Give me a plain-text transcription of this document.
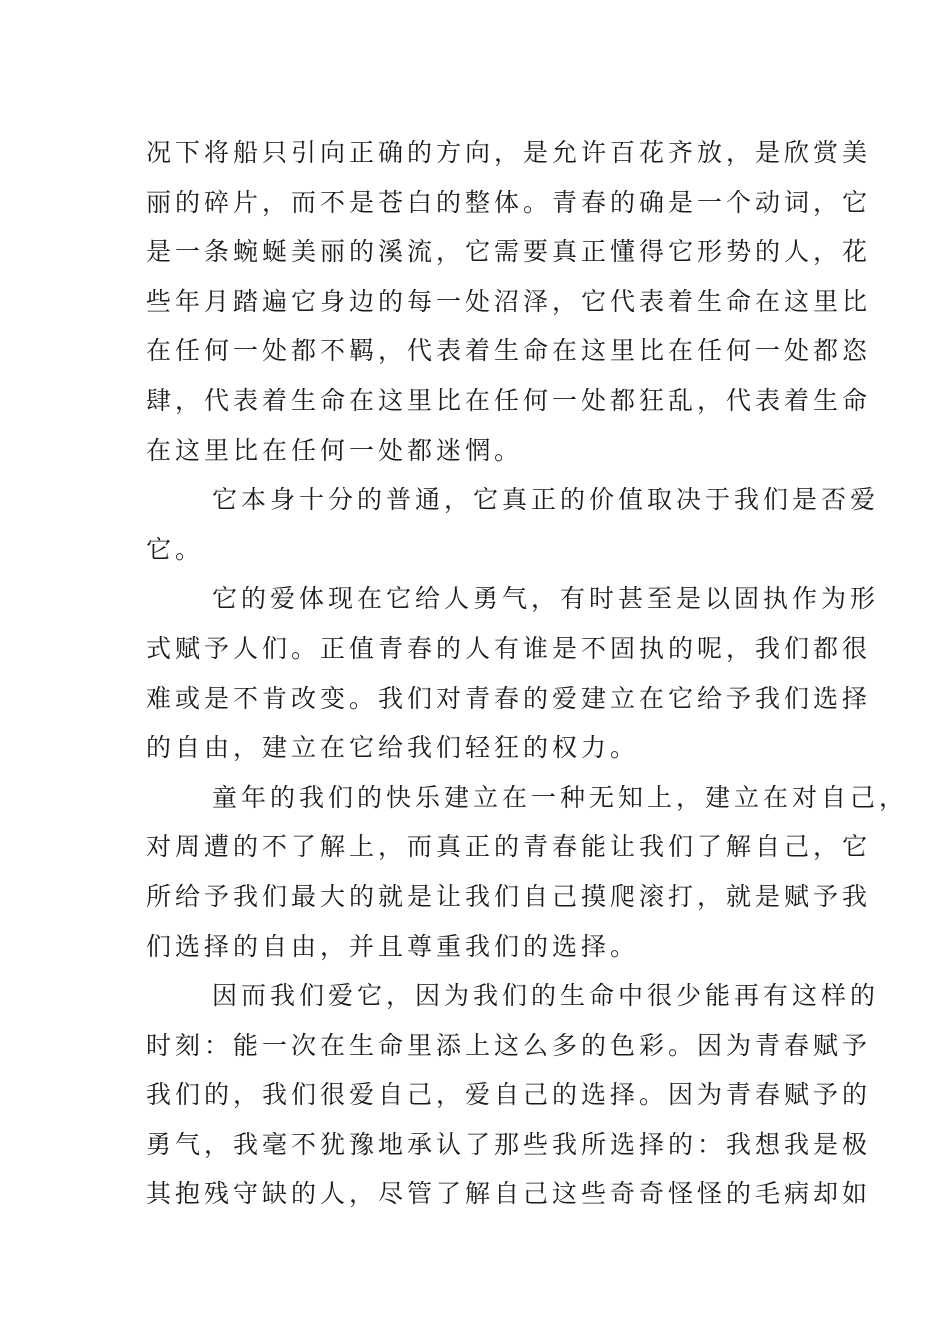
况下将船只引向正确的方向，是允许百花齐放，是欣赏美
丽的碎片，而不是苍白的整体。青春的确是一个动词，它
是一条蜿蜒美丽的溪流，它需要真正懂得它形势的人，花
些年月踏遍它身边的每一处沼泽，它代表着生命在这里比
在任何一处都不羁，代表着生命在这里比在任何一处都恣
肆，代表着生命在这里比在任何一处都狂乱，代表着生命
在这里比在任何一处都迷惘。
它本身十分的普通，它真正的价值取决于我们是否爱
它。
它的爱体现在它给人勇气，有时甚至是以固执作为形
式赋予人们。正值青春的人有谁是不固执的呢，我们都很
难或是不肯改变。我们对青春的爱建立在它给予我们选择
的自由，建立在它给我们轻狂的权力。
童年的我们的快乐建立在一种无知上，建立在对自己，
对周遭的不了解上，而真正的青春能让我们了解自己，它
所给予我们最大的就是让我们自己摸爬滚打，就是赋予我
们选择的自由，并且尊重我们的选择。
因而我们爱它，因为我们的生命中很少能再有这样的
时刻：能一次在生命里添上这么多的色彩。因为青春赋予
我们的，我们很爱自己，爱自己的选择。因为青春赋予的
勇气，我毫不犹豫地承认了那些我所选择的：我想我是极
其抱残守缺的人，尽管了解自己这些奇奇怪怪的毛病却如
